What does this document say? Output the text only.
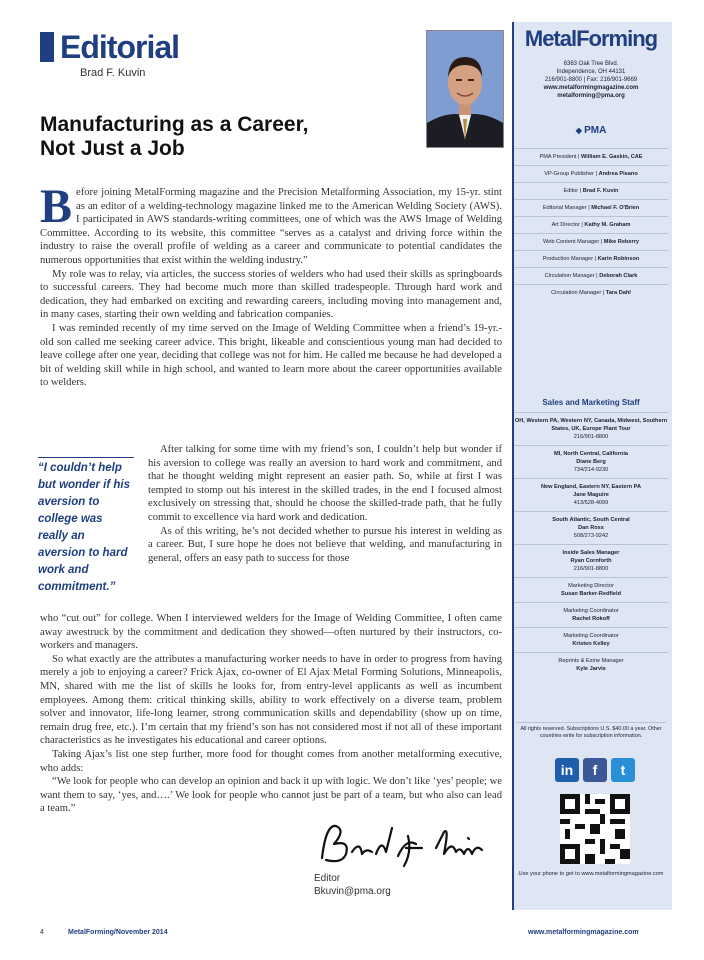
Editorial
Brad F. Kuvin
Manufacturing as a Career,
Not Just a Job

Before joining MetalForming magazine and the Precision Metalforming Association, my 15-yr. stint as an editor of a welding-technology magazine linked me to the American Welding Society (AWS). I participated in AWS standards-writing committees, one of which was the AWS Image of Welding Committee. According to its website, this committee “serves as a catalyst and driving force within the industry to raise the overall profile of welding as a career and communicate to potential candidates the numerous opportunities that exist within the welding industry.”

My role was to relay, via articles, the success stories of welders who had used their skills as springboards to successful careers. They had become much more than skilled tradespeople. Through hard work and dedication, they had embarked on exciting and rewarding careers, including moving into management and, in many cases, starting their own welding and fabrication companies.

I was reminded recently of my time served on the Image of Welding Committee when a friend’s 19-yr.-old son called me seeking career advice. This bright, likeable and conscientious young man had decided to leave college after one year, deciding that college was not for him. He called me because he had developed a bit of welding skill while in high school, and wanted to learn more about the career opportunities available to welders.

“I couldn’t help but wonder if his aversion to college was really an aversion to hard work and commitment.”

After talking for some time with my friend’s son, I couldn’t help but wonder if his aversion to college was really an aversion to hard work and commitment, and that he thought welding might represent an easier path. So, while at first I was tempted to stomp out his interest in the skilled trades, in the end I focused almost exclusively on stressing that, should he choose the skilled-trade path, that he fully commit to excellence via hard work and dedication.

As of this writing, he’s not decided whether to pursue his interest in welding as a career. But, I sure hope he does not believe that welding, and manufacturing in general, offers an easy path to success for those

who “cut out” for college. When I interviewed welders for the Image of Welding Committee, I often came away awestruck by the commitment and dedication they showed—often nurtured by their instructors, co-workers and managers.

So what exactly are the attributes a manufacturing worker needs to have in order to progress from having merely a job to enjoying a career? Frick Ajax, co-owner of El Ajax Metal Forming Solutions, Minneapolis, MN, shared with me the list of skills he looks for, from entry-level applicants as well as incumbent employees. Among them: critical thinking skills, ability to work effectively on a diverse team, problem solver and innovator, life-long learner, strong communication skills and dependability (show up on time, remain drug free, etc.). I’m certain that my friend’s son has not considered most if not all of these important characteristics as he investigates his educational and career options.

Taking Ajax’s list one step further, more food for thought comes from another metalforming executive, who adds:

“We look for people who can develop an opinion and back it up with logic. We don’t like ‘yes’ people; we want them to say, ‘yes, and….’ We look for people who cannot just be part of a team, but who also can lead a team.”

Editor
Bkuvin@pma.org
MetalForming
6363 Oak Tree Blvd.
Independence, OH 44131
216/901-8800 | Fax: 216/901-9669
www.metalformingmagazine.com
metalforming@pma.org
◆ PMA
PMA President | William E. Gaskin, CAE
VP-Group Publisher | Andrea Pisano
Editor | Brad F. Kuvin
Editorial Manager | Michael F. O'Brien
Art Director | Kathy M. Graham
Web Content Manager | Mike Reberry
Production Manager | Karin Robinson
Circulation Manager | Deborah Clark
Circulation Manager | Tara Dahl
Sales and Marketing Staff
OH, Western PA, Western NY, Canada, Midwest, Southern States, UK, Europe Plant Tour
216/901-8800
MI, North Central, California
Diane Berg
734/214-9230
New England, Eastern NY, Eastern PA
Jane Maguire
413/528-4099
South Atlantic, South Central
Dan Ross
508/273-9242
Inside Sales Manager
Ryan Cornforth
216/901-8800
Marketing Director
Susan Barker-Redfield
Marketing Coordinator
Rachel Rokoff
Marketing Coordinator
Kristen Kelley
Reprints & Ezine Manager
Kyle Jarvis
All rights reserved. Subscriptions U.S. $40.00 a year. Other countries write for subscription information.
in	f	t
Use your phone to get to www.metalformingmagazine.com
4	MetalForming/November 2014	www.metalformingmagazine.com
